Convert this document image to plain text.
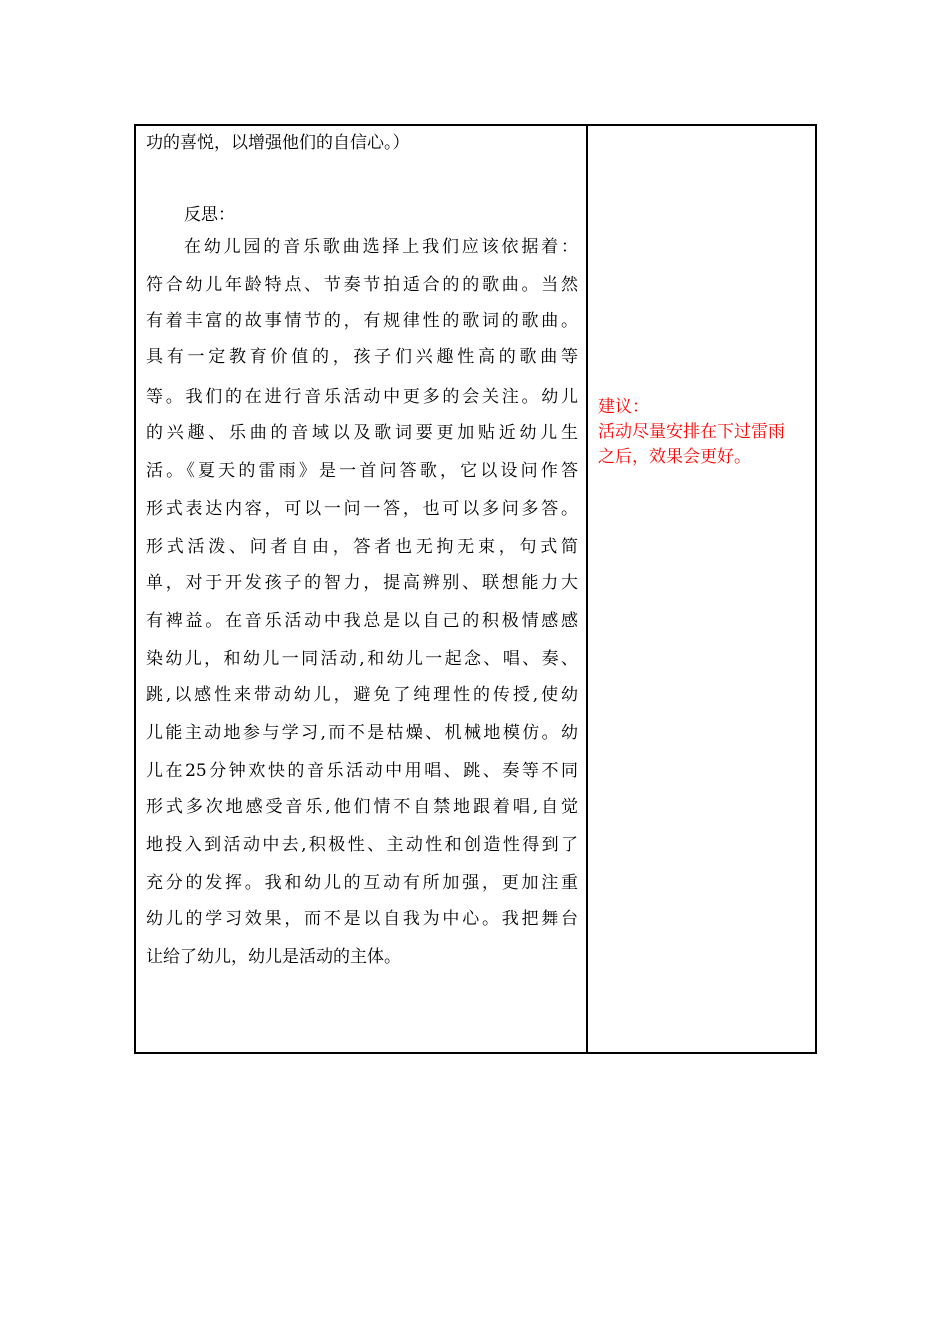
功的喜悦，以增强他们的自信心。）
反思：
在幼儿园的音乐歌曲选择上我们应该依据着：
符合幼儿年龄特点、节奏节拍适合的的歌曲。当然
有着丰富的故事情节的，有规律性的歌词的歌曲。
具有一定教育价值的，孩子们兴趣性高的歌曲等
等。我们的在进行音乐活动中更多的会关注。幼儿
的兴趣、乐曲的音域以及歌词要更加贴近幼儿生
活。《夏天的雷雨》是一首问答歌，它以设问作答
形式表达内容，可以一问一答，也可以多问多答。
形式活泼、问者自由，答者也无拘无束，句式简
单，对于开发孩子的智力，提高辨别、联想能力大
有裨益。在音乐活动中我总是以自己的积极情感感
染幼儿，和幼儿一同活动,和幼儿一起念、唱、奏、
跳,以感性来带动幼儿，避免了纯理性的传授,使幼
儿能主动地参与学习,而不是枯燥、机械地模仿。幼
儿在25分钟欢快的音乐活动中用唱、跳、奏等不同
形式多次地感受音乐,他们情不自禁地跟着唱,自觉
地投入到活动中去,积极性、主动性和创造性得到了
充分的发挥。我和幼儿的互动有所加强，更加注重
幼儿的学习效果，而不是以自我为中心。我把舞台
让给了幼儿，幼儿是活动的主体。
建议：
活动尽量安排在下过雷雨
之后，效果会更好。
